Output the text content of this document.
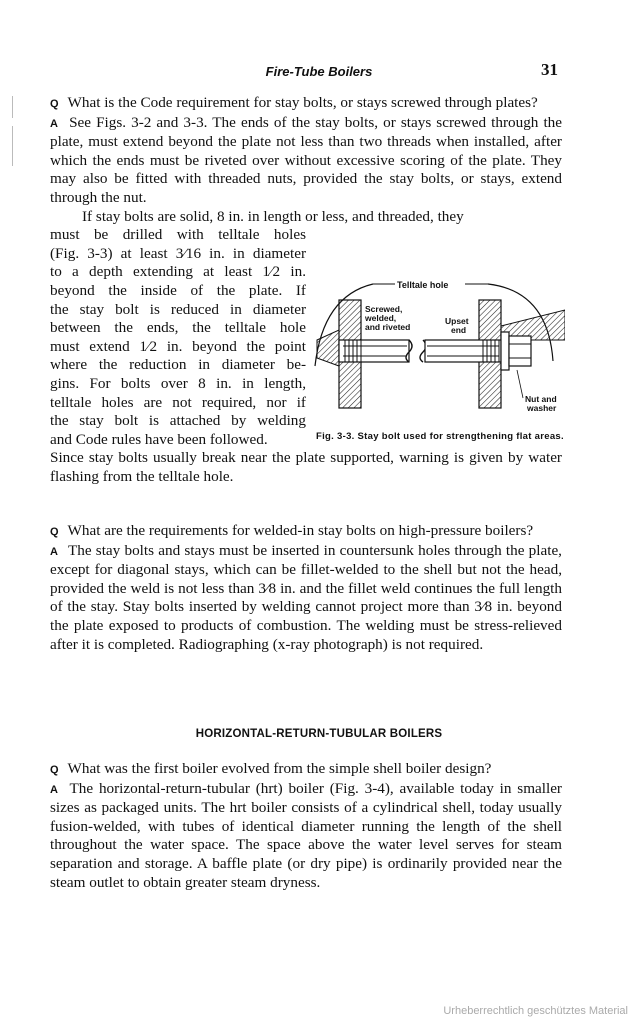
Fire-Tube Boilers	31

Q What is the Code requirement for stay bolts, or stays screwed through plates?

A See Figs. 3-2 and 3-3. The ends of the stay bolts, or stays screwed through the plate, must extend beyond the plate not less than two threads when installed, after which the ends must be riveted over without excessive scoring of the plate. They may also be fitted with threaded nuts, provided the stay bolts, or stays, extend through the nut.

If stay bolts are solid, 8 in. in length or less, and threaded, they

must be drilled with telltale holes
(Fig. 3-3) at least 3⁄16 in. in diameter
to a depth extending at least 1⁄2 in.
beyond the inside of the plate. If
the stay bolt is reduced in diameter
between the ends, the telltale hole
must extend 1⁄2 in. beyond the point
where the reduction in diameter be-
gins. For bolts over 8 in. in length,
telltale holes are not required, nor if
the stay bolt is attached by welding
and Code rules have been followed.

Since stay bolts usually break near the plate supported, warning is given by water flashing from the telltale hole.

Telltale hole
Screwed,
welded,
and riveted
Upset
end
Nut and
washer
Fig. 3-3. Stay bolt used for strengthening flat areas.

Q What are the requirements for welded-in stay bolts on high-pressure boilers?

A The stay bolts and stays must be inserted in countersunk holes through the plate, except for diagonal stays, which can be fillet-welded to the shell but not the head, provided the weld is not less than 3⁄8 in. and the fillet weld continues the full length of the stay. Stay bolts inserted by welding cannot project more than 3⁄8 in. beyond the plate exposed to products of combustion. The welding must be stress-relieved after it is completed. Radiographing (x-ray photograph) is not required.

HORIZONTAL-RETURN-TUBULAR BOILERS

Q What was the first boiler evolved from the simple shell boiler design?

A The horizontal-return-tubular (hrt) boiler (Fig. 3-4), available today in smaller sizes as packaged units. The hrt boiler consists of a cylindrical shell, today usually fusion-welded, with tubes of identical diameter running the length of the shell throughout the water space. The space above the water level serves for steam separation and storage. A baffle plate (or dry pipe) is ordinarily provided near the steam outlet to obtain greater steam dryness.

Urheberrechtlich geschütztes Material
